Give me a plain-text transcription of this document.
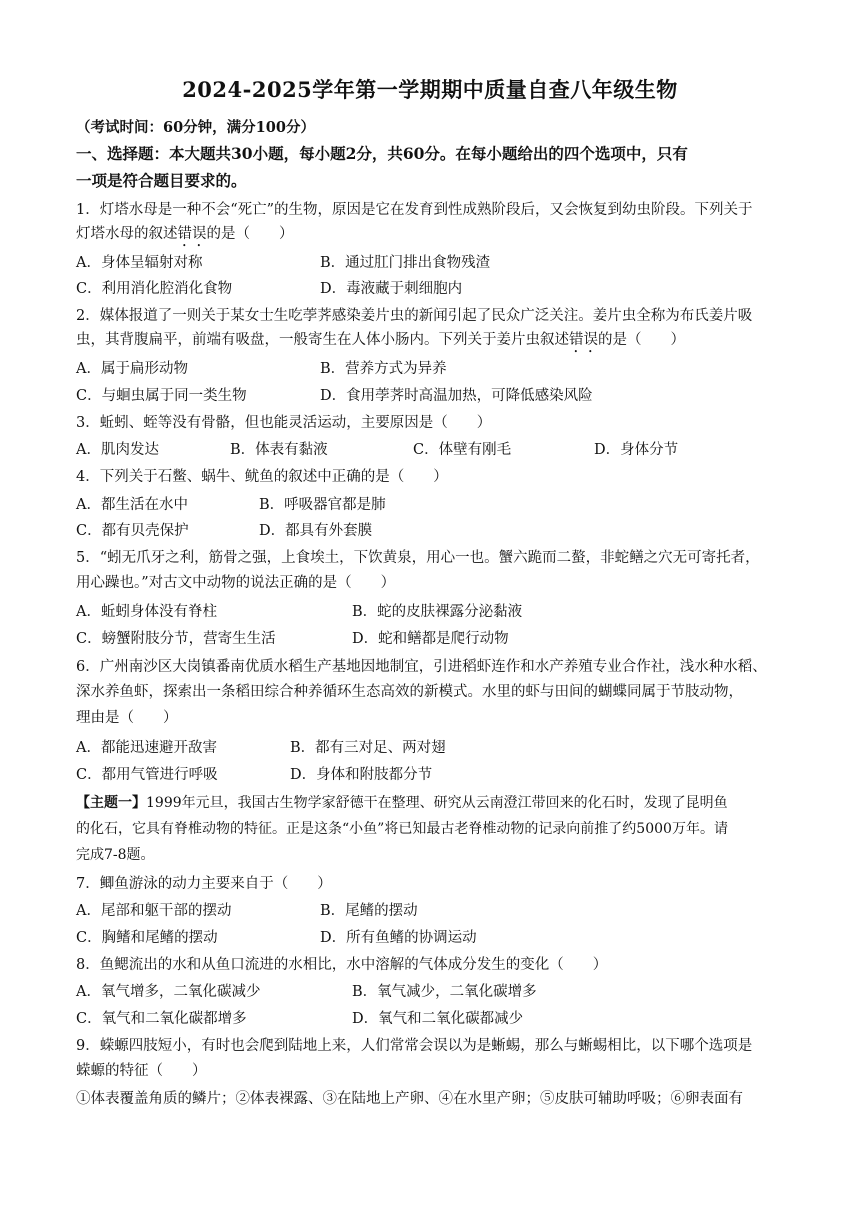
2024-2025学年第一学期期中质量自查八年级生物
（考试时间：60分钟，满分100分）
一、选择题：本大题共30小题，每小题2分，共60分。在每小题给出的四个选项中，只有
一项是符合题目要求的。
1．灯塔水母是一种不会“死亡”的生物，原因是它在发育到性成熟阶段后，又会恢复到幼虫阶段。下列关于
灯塔水母的叙述错误的是（　　）
A．身体呈辐射对称	B．通过肛门排出食物残渣
C．利用消化腔消化食物	D．毒液藏于刺细胞内
2．媒体报道了一则关于某女士生吃荸荠感染姜片虫的新闻引起了民众广泛关注。姜片虫全称为布氏姜片吸
虫，其背腹扁平，前端有吸盘，一般寄生在人体小肠内。下列关于姜片虫叙述错误的是（　　）
A．属于扁形动物	B．营养方式为异养
C．与蛔虫属于同一类生物	D．食用荸荠时高温加热，可降低感染风险
3．蚯蚓、蛭等没有骨骼，但也能灵活运动，主要原因是（　　）
A．肌肉发达	B．体表有黏液	C．体壁有刚毛	D．身体分节
4．下列关于石鳖、蜗牛、鱿鱼的叙述中正确的是（　　）
A．都生活在水中	B．呼吸器官都是肺
C．都有贝壳保护	D．都具有外套膜
5．“蚓无爪牙之利，筋骨之强，上食埃土，下饮黄泉，用心一也。蟹六跪而二螯，非蛇鳝之穴无可寄托者，
用心躁也。”对古文中动物的说法正确的是（　　）
A．蚯蚓身体没有脊柱	B．蛇的皮肤裸露分泌黏液
C．螃蟹附肢分节，营寄生生活	D．蛇和鳝都是爬行动物
6．广州南沙区大岗镇番南优质水稻生产基地因地制宜，引进稻虾连作和水产养殖专业合作社，浅水种水稻、
深水养鱼虾，探索出一条稻田综合种养循环生态高效的新模式。水里的虾与田间的蝴蝶同属于节肢动物，
理由是（　　）
A．都能迅速避开敌害	B．都有三对足、两对翅
C．都用气管进行呼吸	D．身体和附肢都分节
【主题一】1999年元旦，我国古生物学家舒德干在整理、研究从云南澄江带回来的化石时，发现了昆明鱼
的化石，它具有脊椎动物的特征。正是这条“小鱼”将已知最古老脊椎动物的记录向前推了约5000万年。请
完成7-8题。
7．鲫鱼游泳的动力主要来自于（　　）
A．尾部和躯干部的摆动	B．尾鳍的摆动
C．胸鳍和尾鳍的摆动	D．所有鱼鳍的协调运动
8．鱼鳃流出的水和从鱼口流进的水相比，水中溶解的气体成分发生的变化（　　）
A．氧气增多，二氧化碳减少	B．氧气减少，二氧化碳增多
C．氧气和二氧化碳都增多	D．氧气和二氧化碳都减少
9．蝾螈四肢短小，有时也会爬到陆地上来，人们常常会误以为是蜥蜴，那么与蜥蜴相比，以下哪个选项是
蝾螈的特征（　　）
①体表覆盖角质的鳞片；②体表裸露、③在陆地上产卵、④在水里产卵；⑤皮肤可辅助呼吸；⑥卵表面有
